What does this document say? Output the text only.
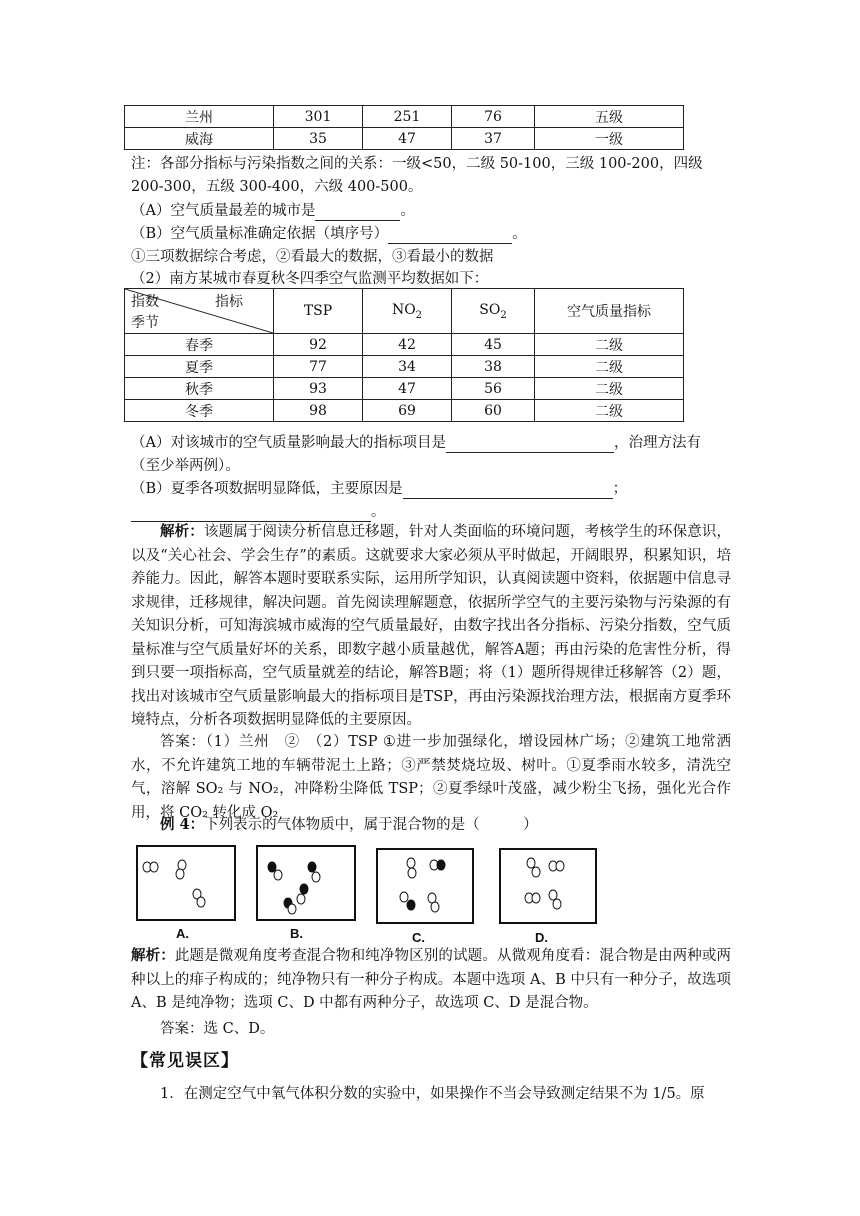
兰州	301	251	76	五级
威海	35	47	37	一级
注：各部分指标与污染指数之间的关系：一级<50，二级 50-100，三级 100-200，四级
200-300，五级 300-400，六级 400-500。
（A）空气质量最差的城市是	。
（B）空气质量标准确定依据（填序号）	。
①三项数据综合考虑，②看最大的数据，③看最小的数据
（2）南方某城市春夏秋冬四季空气监测平均数据如下：
指数 指标
季节	TSP	$NO_2$	$SO_2$	空气质量指标
春季	92	42	45	二级
夏季	77	34	38	二级
秋季	93	47	56	二级
冬季	98	69	60	二级
（A）对该城市的空气质量影响最大的指标项目是	，治理方法有
（至少举两例）。
（B）夏季各项数据明显降低，主要原因是	；
。
解析：该题属于阅读分析信息迁移题，针对人类面临的环境问题，考核学生的环保意识，以及“关心社会、学会生存”的素质。这就要求大家必须从平时做起，开阔眼界，积累知识，培养能力。因此，解答本题时要联系实际，运用所学知识，认真阅读题中资料，依据题中信息寻求规律，迁移规律，解决问题。首先阅读理解题意，依据所学空气的主要污染物与污染源的有关知识分析，可知海滨城市威海的空气质量最好，由数字找出各分指标、污染分指数，空气质量标准与空气质量好坏的关系，即数字越小质量越优，解答A题；再由污染的危害性分析，得到只要一项指标高，空气质量就差的结论，解答B题；将（1）题所得规律迁移解答（2）题，找出对该城市空气质量影响最大的指标项目是TSP，再由污染源找治理方法，根据南方夏季环境特点，分析各项数据明显降低的主要原因。
答案：（1）兰州　②　（2）TSP ①进一步加强绿化，增设园林广场；②建筑工地常洒水，不允许建筑工地的车辆带泥土上路；③严禁焚烧垃圾、树叶。①夏季雨水较多，清洗空气，溶解 SO₂ 与 NO₂，冲降粉尘降低 TSP；②夏季绿叶茂盛，减少粉尘飞扬，强化光合作用，将 CO₂ 转化成 O₂
例 4：下列表示的气体物质中，属于混合物的是（　　　）
A.	B.	C.	D.
解析：此题是微观角度考查混合物和纯净物区别的试题。从微观角度看：混合物是由两种或两种以上的痱子构成的；纯净物只有一种分子构成。本题中选项 A、B 中只有一种分子，故选项 A、B 是纯净物；选项 C、D 中都有两种分子，故选项 C、D 是混合物。
答案：选 C、D。
【常见误区】
1．在测定空气中氧气体积分数的实验中，如果操作不当会导致测定结果不为 1/5。原
